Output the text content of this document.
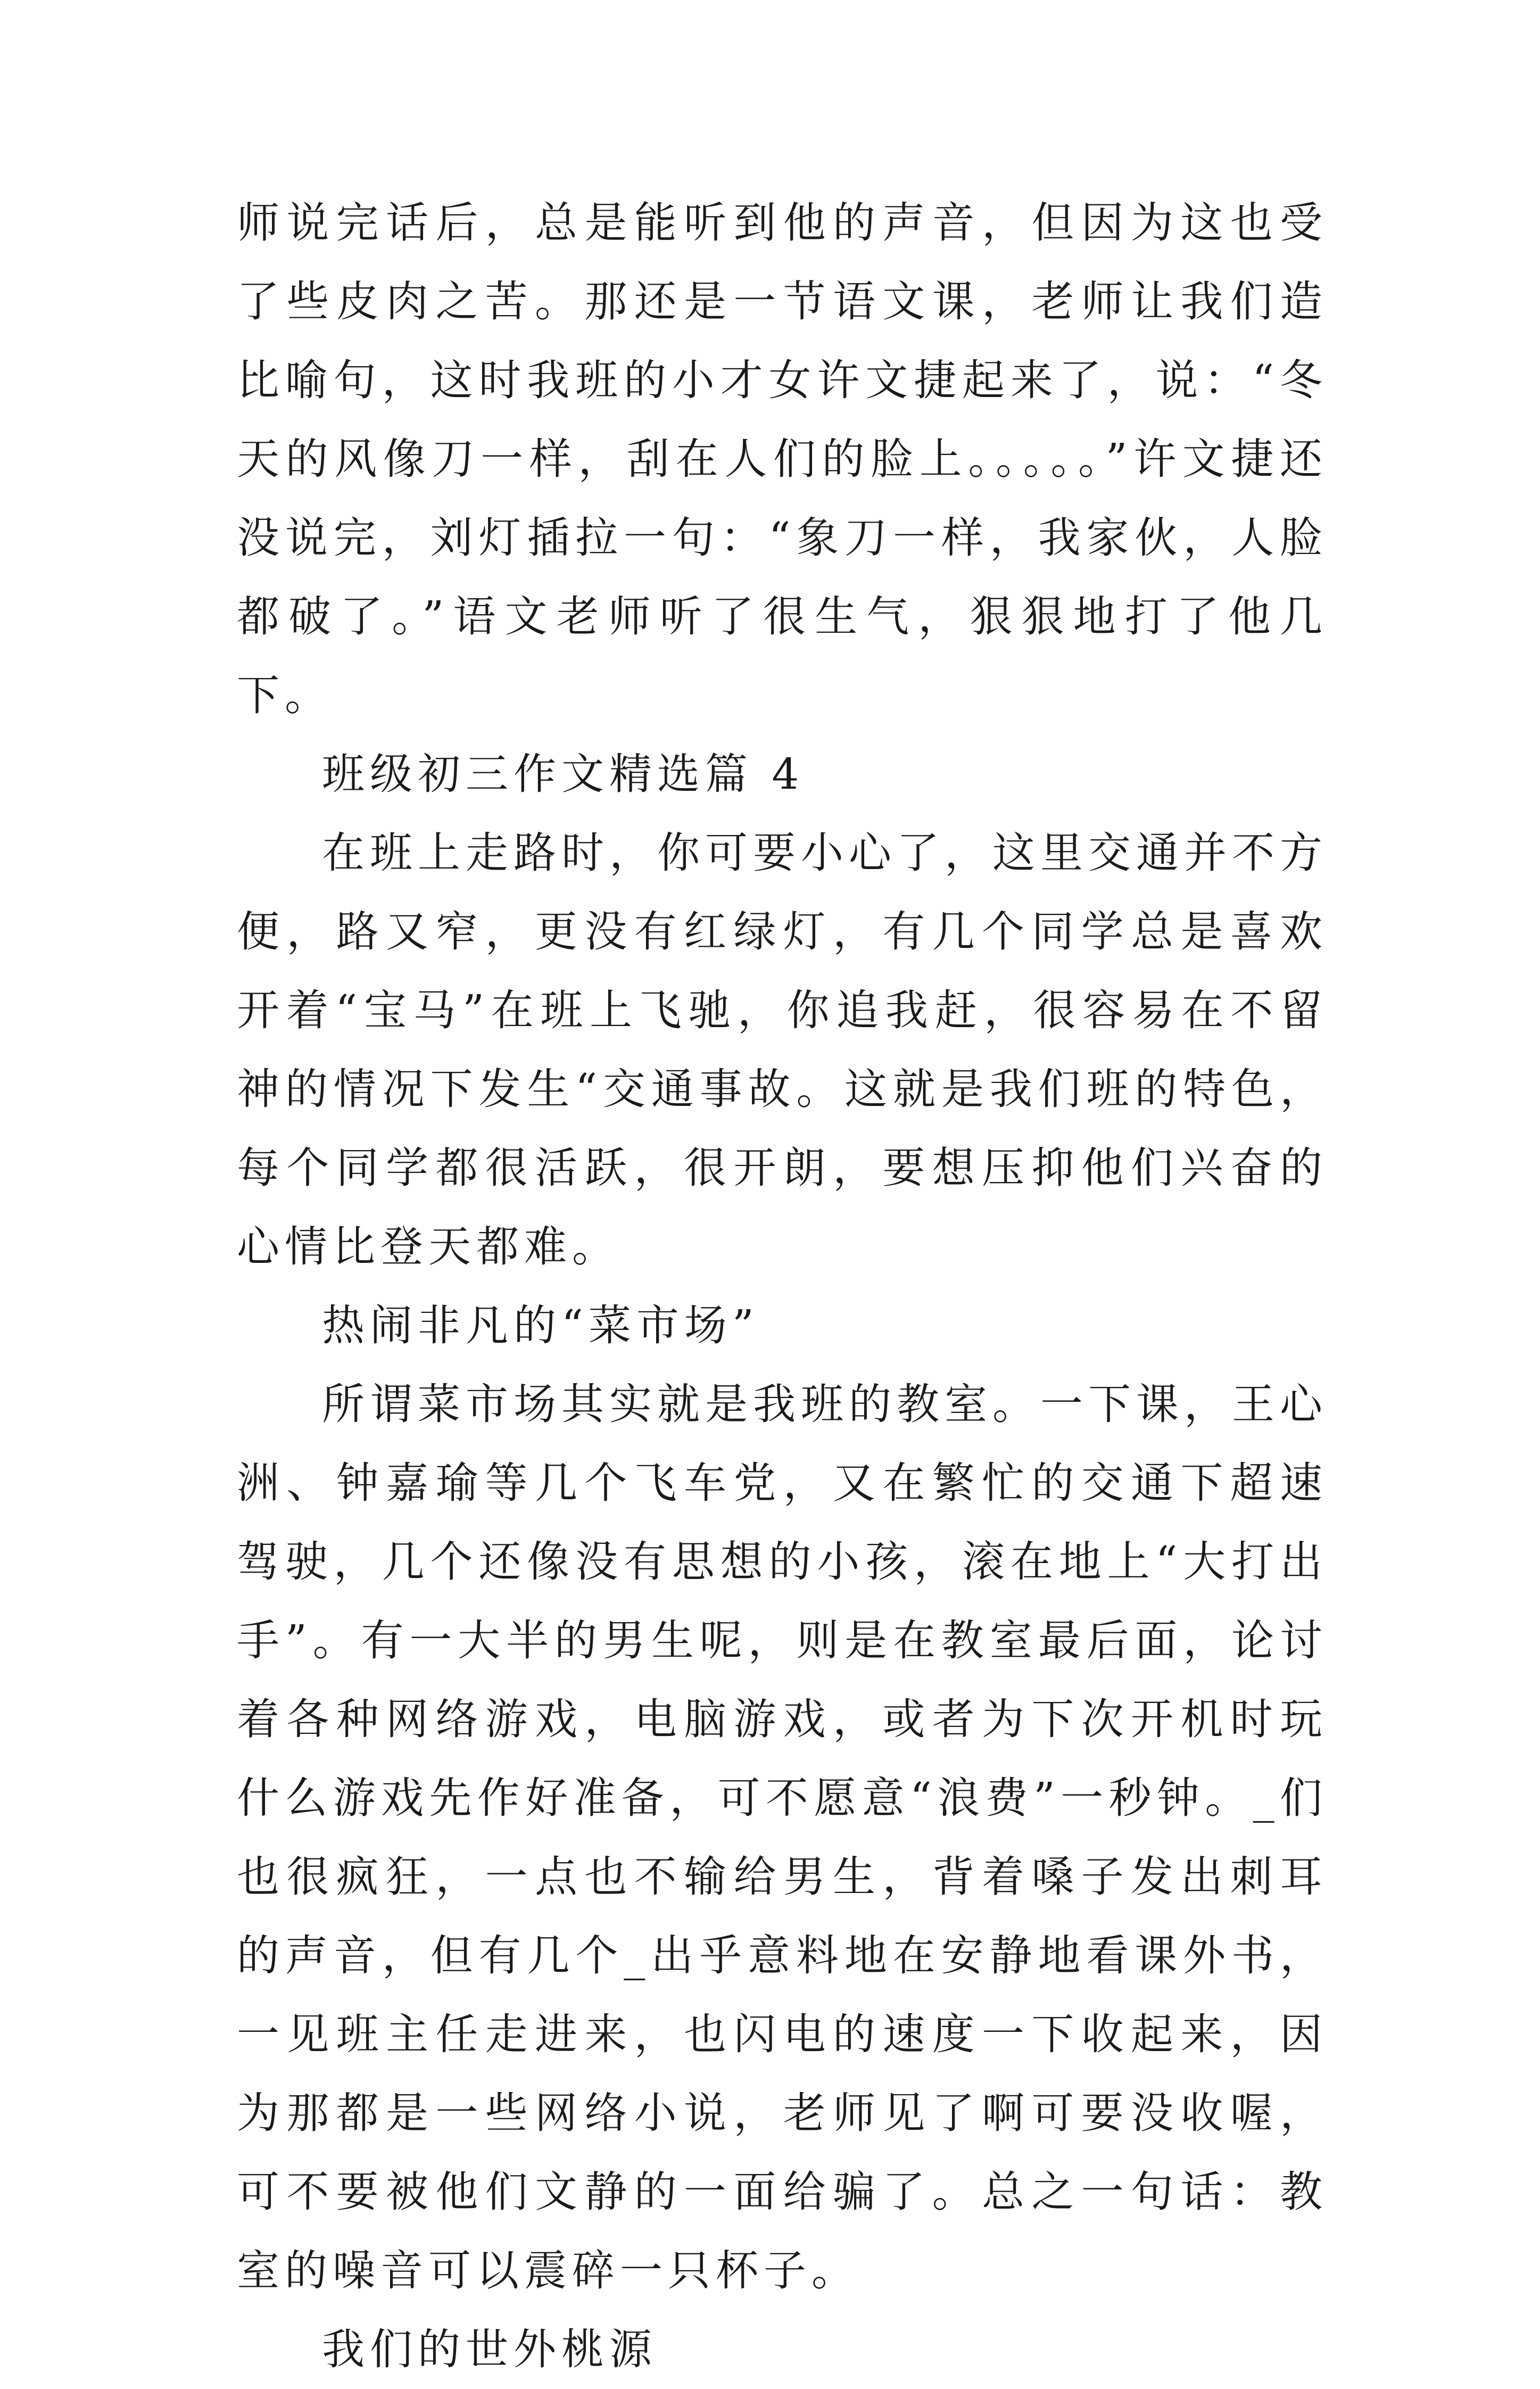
师说完话后，总是能听到他的声音，但因为这也受了些皮肉之苦。那还是一节语文课，老师让我们造比喻句，这时我班的小才女许文捷起来了，说：“冬天的风像刀一样，刮在人们的脸上。。。。。”许文捷还没说完，刘灯插拉一句：“象刀一样，我家伙，人脸都破了。”语文老师听了很生气，狠狠地打了他几下。

班级初三作文精选篇 4

在班上走路时，你可要小心了，这里交通并不方便，路又窄，更没有红绿灯，有几个同学总是喜欢开着“宝马”在班上飞驰，你追我赶，很容易在不留神的情况下发生“交通事故。这就是我们班的特色，每个同学都很活跃，很开朗，要想压抑他们兴奋的心情比登天都难。

热闹非凡的“菜市场”

所谓菜市场其实就是我班的教室。一下课，王心洲、钟嘉瑜等几个飞车党，又在繁忙的交通下超速驾驶，几个还像没有思想的小孩，滚在地上“大打出手”。有一大半的男生呢，则是在教室最后面，论讨着各种网络游戏，电脑游戏，或者为下次开机时玩什么游戏先作好准备，可不愿意“浪费”一秒钟。_们也很疯狂，一点也不输给男生，背着嗓子发出刺耳的声音，但有几个_出乎意料地在安静地看课外书，一见班主任走进来，也闪电的速度一下收起来，因为那都是一些网络小说，老师见了啊可要没收喔，可不要被他们文静的一面给骗了。总之一句话：教室的噪音可以震碎一只杯子。

我们的世外桃源
